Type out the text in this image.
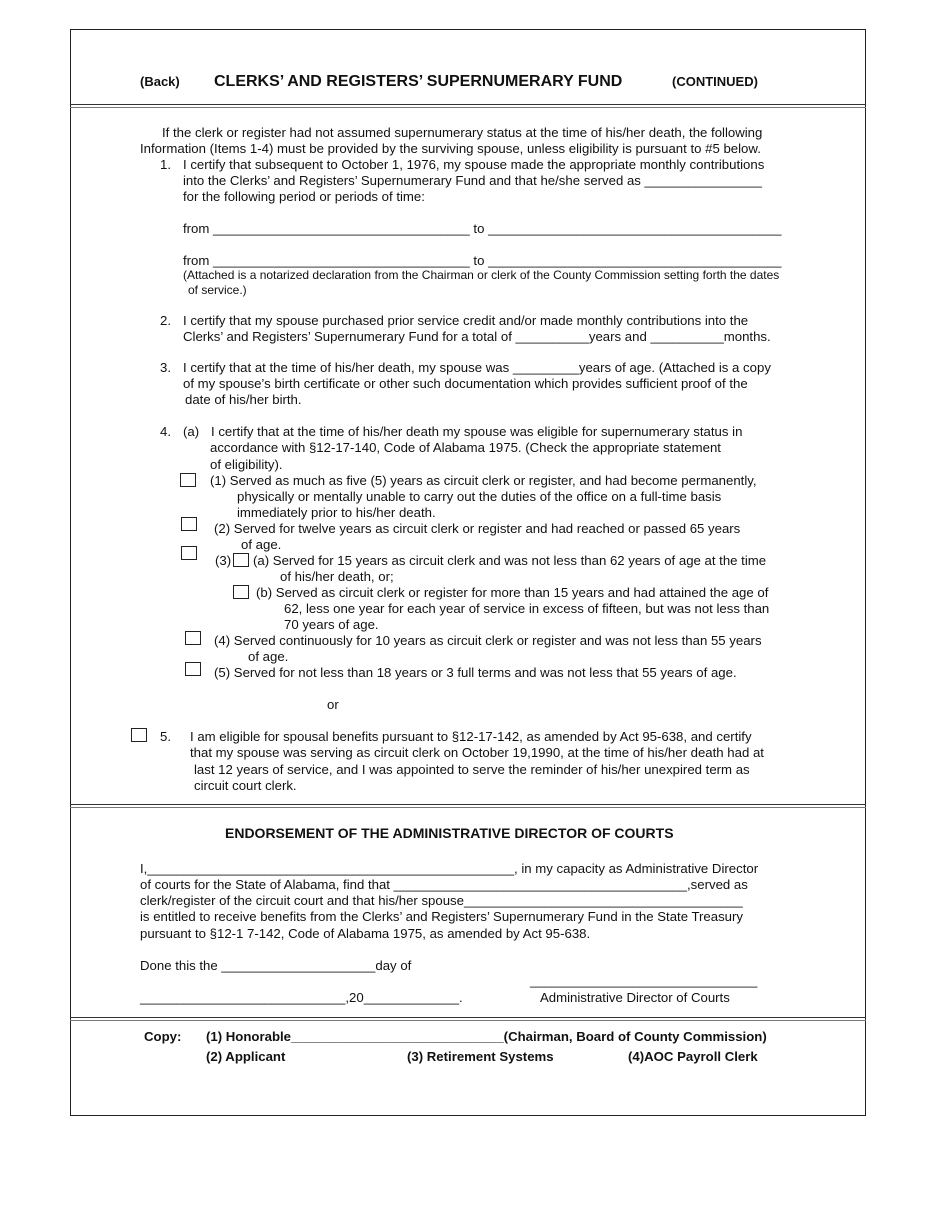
(Back) CLERKS’ AND REGISTERS’ SUPERNUMERARY FUND	(CONTINUED)
If the clerk or register had not assumed supernumerary status at the time of his/her death, the following
Information (Items 1-4) must be provided by the surviving spouse, unless eligibility is pursuant to #5 below.
1. I certify that subsequent to October 1, 1976, my spouse made the appropriate monthly contributions
into the Clerks’ and Registers’ Supernumerary Fund and that he/she served as ________________
for the following period or periods of time:
from ___________________________________ to ________________________________________
from ___________________________________ to ________________________________________
(Attached is a notarized declaration from the Chairman or clerk of the County Commission setting forth the dates
of service.)
2. I certify that my spouse purchased prior service credit and/or made monthly contributions into the
Clerks’ and Registers’ Supernumerary Fund for a total of __________years and __________months.
3. I certify that at the time of his/her death, my spouse was _________years of age. (Attached is a copy
of my spouse’s birth certificate or other such documentation which provides sufficient proof of the
date of his/her birth.
4. (a) I certify that at the time of his/her death my spouse was eligible for supernumerary status in
accordance with §12-17-140, Code of Alabama 1975. (Check the appropriate statement
of eligibility).
(1) Served as much as five (5) years as circuit clerk or register, and had become permanently,
physically or mentally unable to carry out the duties of the office on a full-time basis
immediately prior to his/her death.
(2) Served for twelve years as circuit clerk or register and had reached or passed 65 years
of age.
(3) (a) Served for 15 years as circuit clerk and was not less than 62 years of age at the time
of his/her death, or;
(b) Served as circuit clerk or register for more than 15 years and had attained the age of
62, less one year for each year of service in excess of fifteen, but was not less than
70 years of age.
(4) Served continuously for 10 years as circuit clerk or register and was not less than 55 years
of age.
(5) Served for not less than 18 years or 3 full terms and was not less that 55 years of age.
or
5. I am eligible for spousal benefits pursuant to §12-17-142, as amended by Act 95-638, and certify
that my spouse was serving as circuit clerk on October 19,1990, at the time of his/her death had at
last 12 years of service, and I was appointed to serve the reminder of his/her unexpired term as
circuit court clerk.
ENDORSEMENT OF THE ADMINISTRATIVE DIRECTOR OF COURTS
I,__________________________________________________, in my capacity as Administrative Director
of courts for the State of Alabama, find that ________________________________________,served as
clerk/register of the circuit court and that his/her spouse______________________________________
is entitled to receive benefits from the Clerks’ and Registers’ Supernumerary Fund in the State Treasury
pursuant to §12-1 7-142, Code of Alabama 1975, as amended by Act 95-638.
Done this the _____________________day of
_______________________________
____________________________,20_____________.	Administrative Director of Courts
Copy: (1) Honorable_____________________________(Chairman, Board of County Commission)
(2) Applicant	(3) Retirement Systems	(4)AOC Payroll Clerk
